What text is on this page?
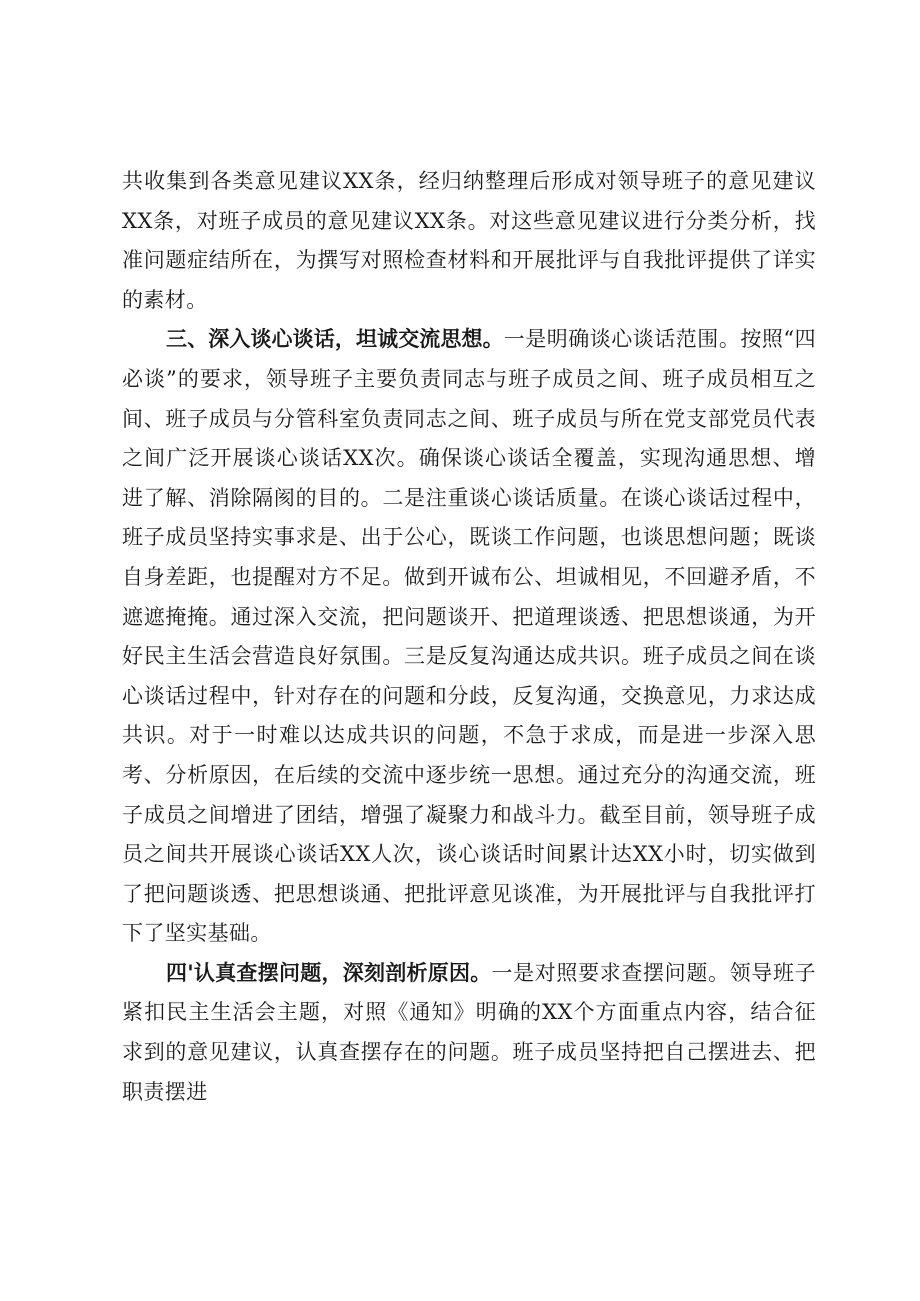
共收集到各类意见建议XX条，经归纳整理后形成对领导班子的意见建议XX条，对班子成员的意见建议XX条。对这些意见建议进行分类分析，找准问题症结所在，为撰写对照检查材料和开展批评与自我批评提供了详实的素材。

三、深入谈心谈话，坦诚交流思想。一是明确谈心谈话范围。按照“四必谈”的要求，领导班子主要负责同志与班子成员之间、班子成员相互之间、班子成员与分管科室负责同志之间、班子成员与所在党支部党员代表之间广泛开展谈心谈话XX次。确保谈心谈话全覆盖，实现沟通思想、增进了解、消除隔阂的目的。二是注重谈心谈话质量。在谈心谈话过程中，班子成员坚持实事求是、出于公心，既谈工作问题，也谈思想问题；既谈自身差距，也提醒对方不足。做到开诚布公、坦诚相见，不回避矛盾，不遮遮掩掩。通过深入交流，把问题谈开、把道理谈透、把思想谈通，为开好民主生活会营造良好氛围。三是反复沟通达成共识。班子成员之间在谈心谈话过程中，针对存在的问题和分歧，反复沟通，交换意见，力求达成共识。对于一时难以达成共识的问题，不急于求成，而是进一步深入思考、分析原因，在后续的交流中逐步统一思想。通过充分的沟通交流，班子成员之间增进了团结，增强了凝聚力和战斗力。截至目前，领导班子成员之间共开展谈心谈话XX人次，谈心谈话时间累计达XX小时，切实做到了把问题谈透、把思想谈通、把批评意见谈准，为开展批评与自我批评打下了坚实基础。

四'认真查摆问题，深刻剖析原因。一是对照要求查摆问题。领导班子紧扣民主生活会主题，对照《通知》明确的XX个方面重点内容，结合征求到的意见建议，认真查摆存在的问题。班子成员坚持把自己摆进去、把职责摆进
